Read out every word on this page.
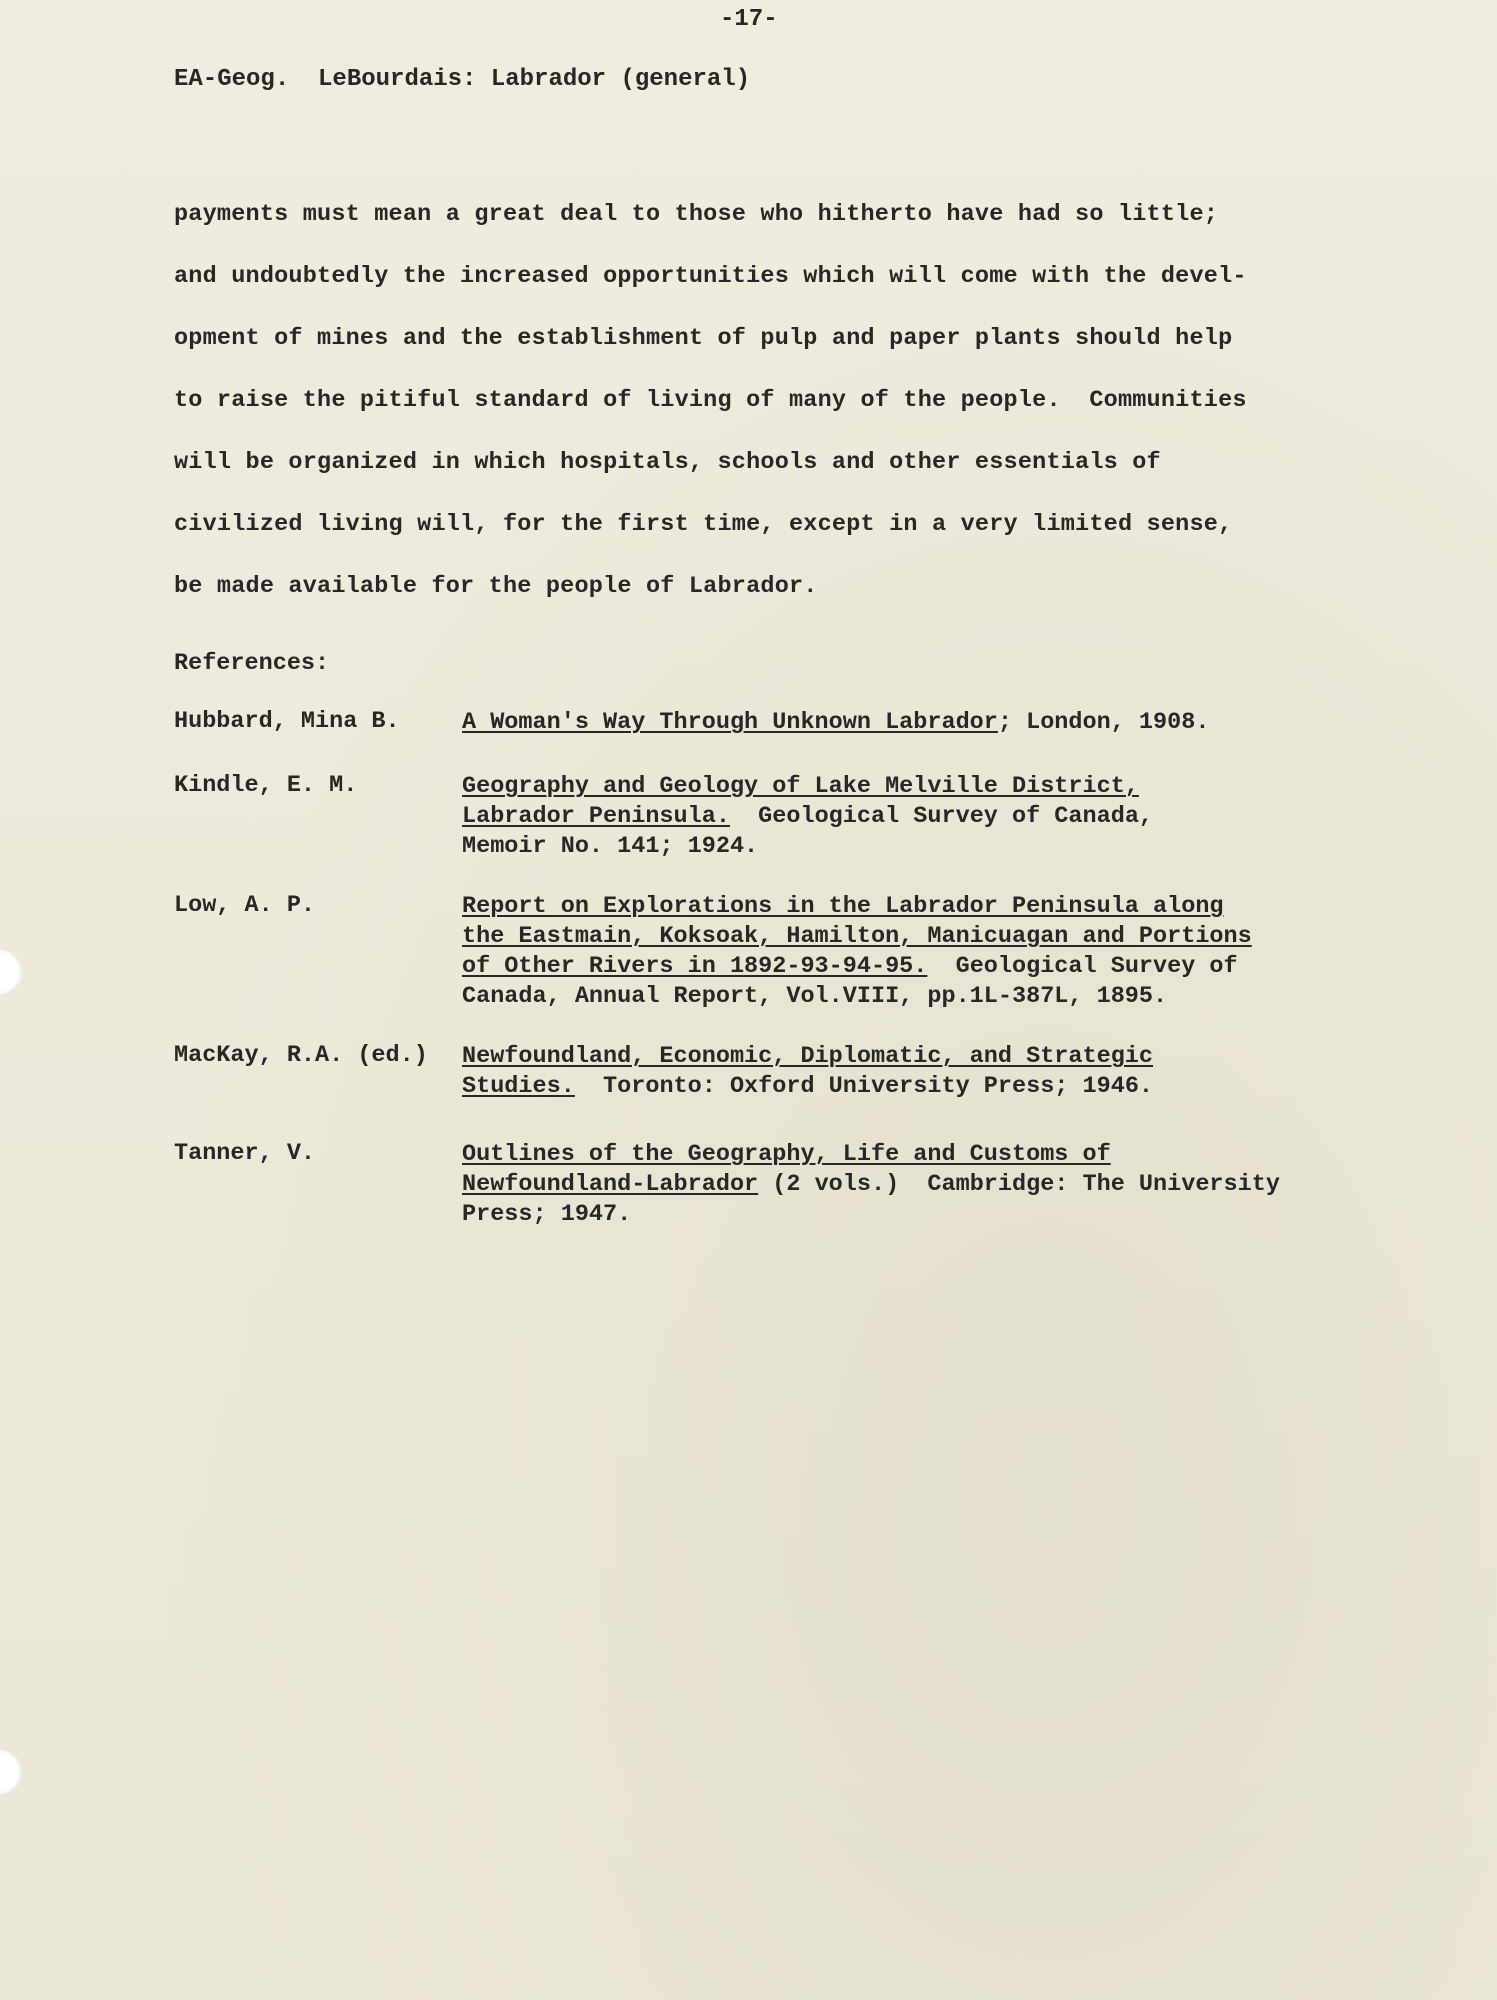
-17-
EA-Geog.  LeBourdais: Labrador (general)
payments must mean a great deal to those who hitherto have had so little;
and undoubtedly the increased opportunities which will come with the devel-
opment of mines and the establishment of pulp and paper plants should help
to raise the pitiful standard of living of many of the people.  Communities
will be organized in which hospitals, schools and other essentials of
civilized living will, for the first time, except in a very limited sense,
be made available for the people of Labrador.
References:
Hubbard, Mina B.	A Woman's Way Through Unknown Labrador; London, 1908.
Kindle, E. M.	Geography and Geology of Lake Melville District,
Labrador Peninsula.  Geological Survey of Canada,
Memoir No. 141; 1924.
Low, A. P.	Report on Explorations in the Labrador Peninsula along
the Eastmain, Koksoak, Hamilton, Manicuagan and Portions
of Other Rivers in 1892-93-94-95.  Geological Survey of
Canada, Annual Report, Vol.VIII, pp.1L-387L, 1895.
MacKay, R.A. (ed.) Newfoundland, Economic, Diplomatic, and Strategic
Studies.  Toronto: Oxford University Press; 1946.
Tanner, V.	Outlines of the Geography, Life and Customs of
Newfoundland-Labrador (2 vols.)  Cambridge: The University
Press; 1947.
